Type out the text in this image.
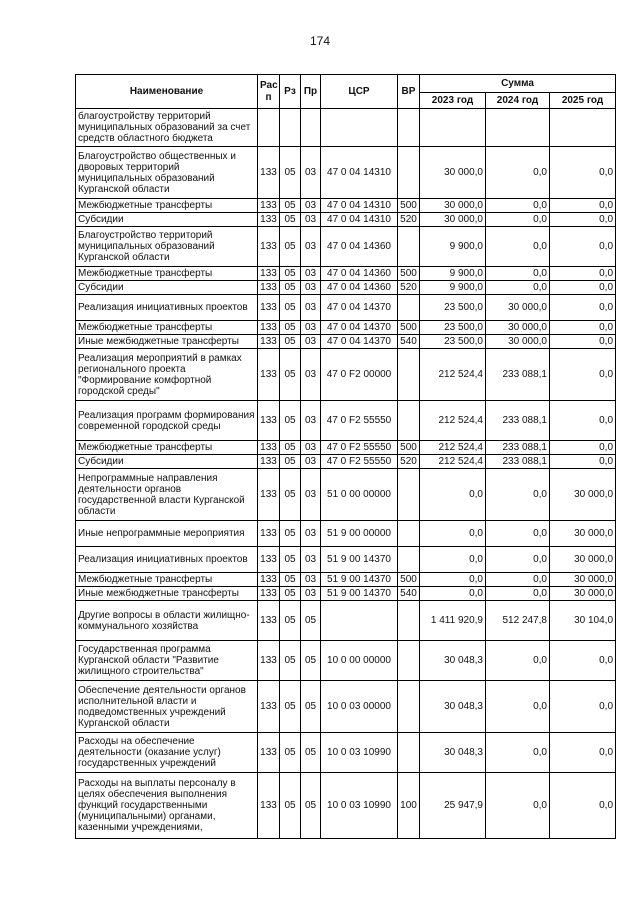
174
Наименование	Рас п	Рз	Пр	ЦСР	ВР	Сумма		
						2023 год	2024 год	2025 год
благоустройству территорий муниципальных образований за счет средств областного бюджета								
Благоустройство общественных и дворовых территорий муниципальных образований Курганской области	133	05	03	47 0 04 14310		30 000,0	0,0	0,0
Межбюджетные трансферты	133	05	03	47 0 04 14310	500	30 000,0	0,0	0,0
Субсидии	133	05	03	47 0 04 14310	520	30 000,0	0,0	0,0
Благоустройство территорий муниципальных образований Курганской области	133	05	03	47 0 04 14360		9 900,0	0,0	0,0
Межбюджетные трансферты	133	05	03	47 0 04 14360	500	9 900,0	0,0	0,0
Субсидии	133	05	03	47 0 04 14360	520	9 900,0	0,0	0,0
Реализация инициативных проектов	133	05	03	47 0 04 14370		23 500,0	30 000,0	0,0
Межбюджетные трансферты	133	05	03	47 0 04 14370	500	23 500,0	30 000,0	0,0
Иные межбюджетные трансферты	133	05	03	47 0 04 14370	540	23 500,0	30 000,0	0,0
Реализация мероприятий в рамках регионального проекта "Формирование комфортной городской среды"	133	05	03	47 0 F2 00000		212 524,4	233 088,1	0,0
Реализация программ формирования современной городской среды	133	05	03	47 0 F2 55550		212 524,4	233 088,1	0,0
Межбюджетные трансферты	133	05	03	47 0 F2 55550	500	212 524,4	233 088,1	0,0
Субсидии	133	05	03	47 0 F2 55550	520	212 524,4	233 088,1	0,0
Непрограммные направления деятельности органов государственной власти Курганской области	133	05	03	51 0 00 00000		0,0	0,0	30 000,0
Иные непрограммные мероприятия	133	05	03	51 9 00 00000		0,0	0,0	30 000,0
Реализация инициативных проектов	133	05	03	51 9 00 14370		0,0	0,0	30 000,0
Межбюджетные трансферты	133	05	03	51 9 00 14370	500	0,0	0,0	30 000,0
Иные межбюджетные трансферты	133	05	03	51 9 00 14370	540	0,0	0,0	30 000,0
Другие вопросы в области жилищно-коммунального хозяйства	133	05	05			1 411 920,9	512 247,8	30 104,0
Государственная программа Курганской области "Развитие жилищного строительства"	133	05	05	10 0 00 00000		30 048,3	0,0	0,0
Обеспечение деятельности органов исполнительной власти и подведомственных учреждений Курганской области	133	05	05	10 0 03 00000		30 048,3	0,0	0,0
Расходы на обеспечение деятельности (оказание услуг) государственных учреждений	133	05	05	10 0 03 10990		30 048,3	0,0	0,0
Расходы на выплаты персоналу в целях обеспечения выполнения функций государственными (муниципальными) органами, казенными учреждениями,	133	05	05	10 0 03 10990	100	25 947,9	0,0	0,0
